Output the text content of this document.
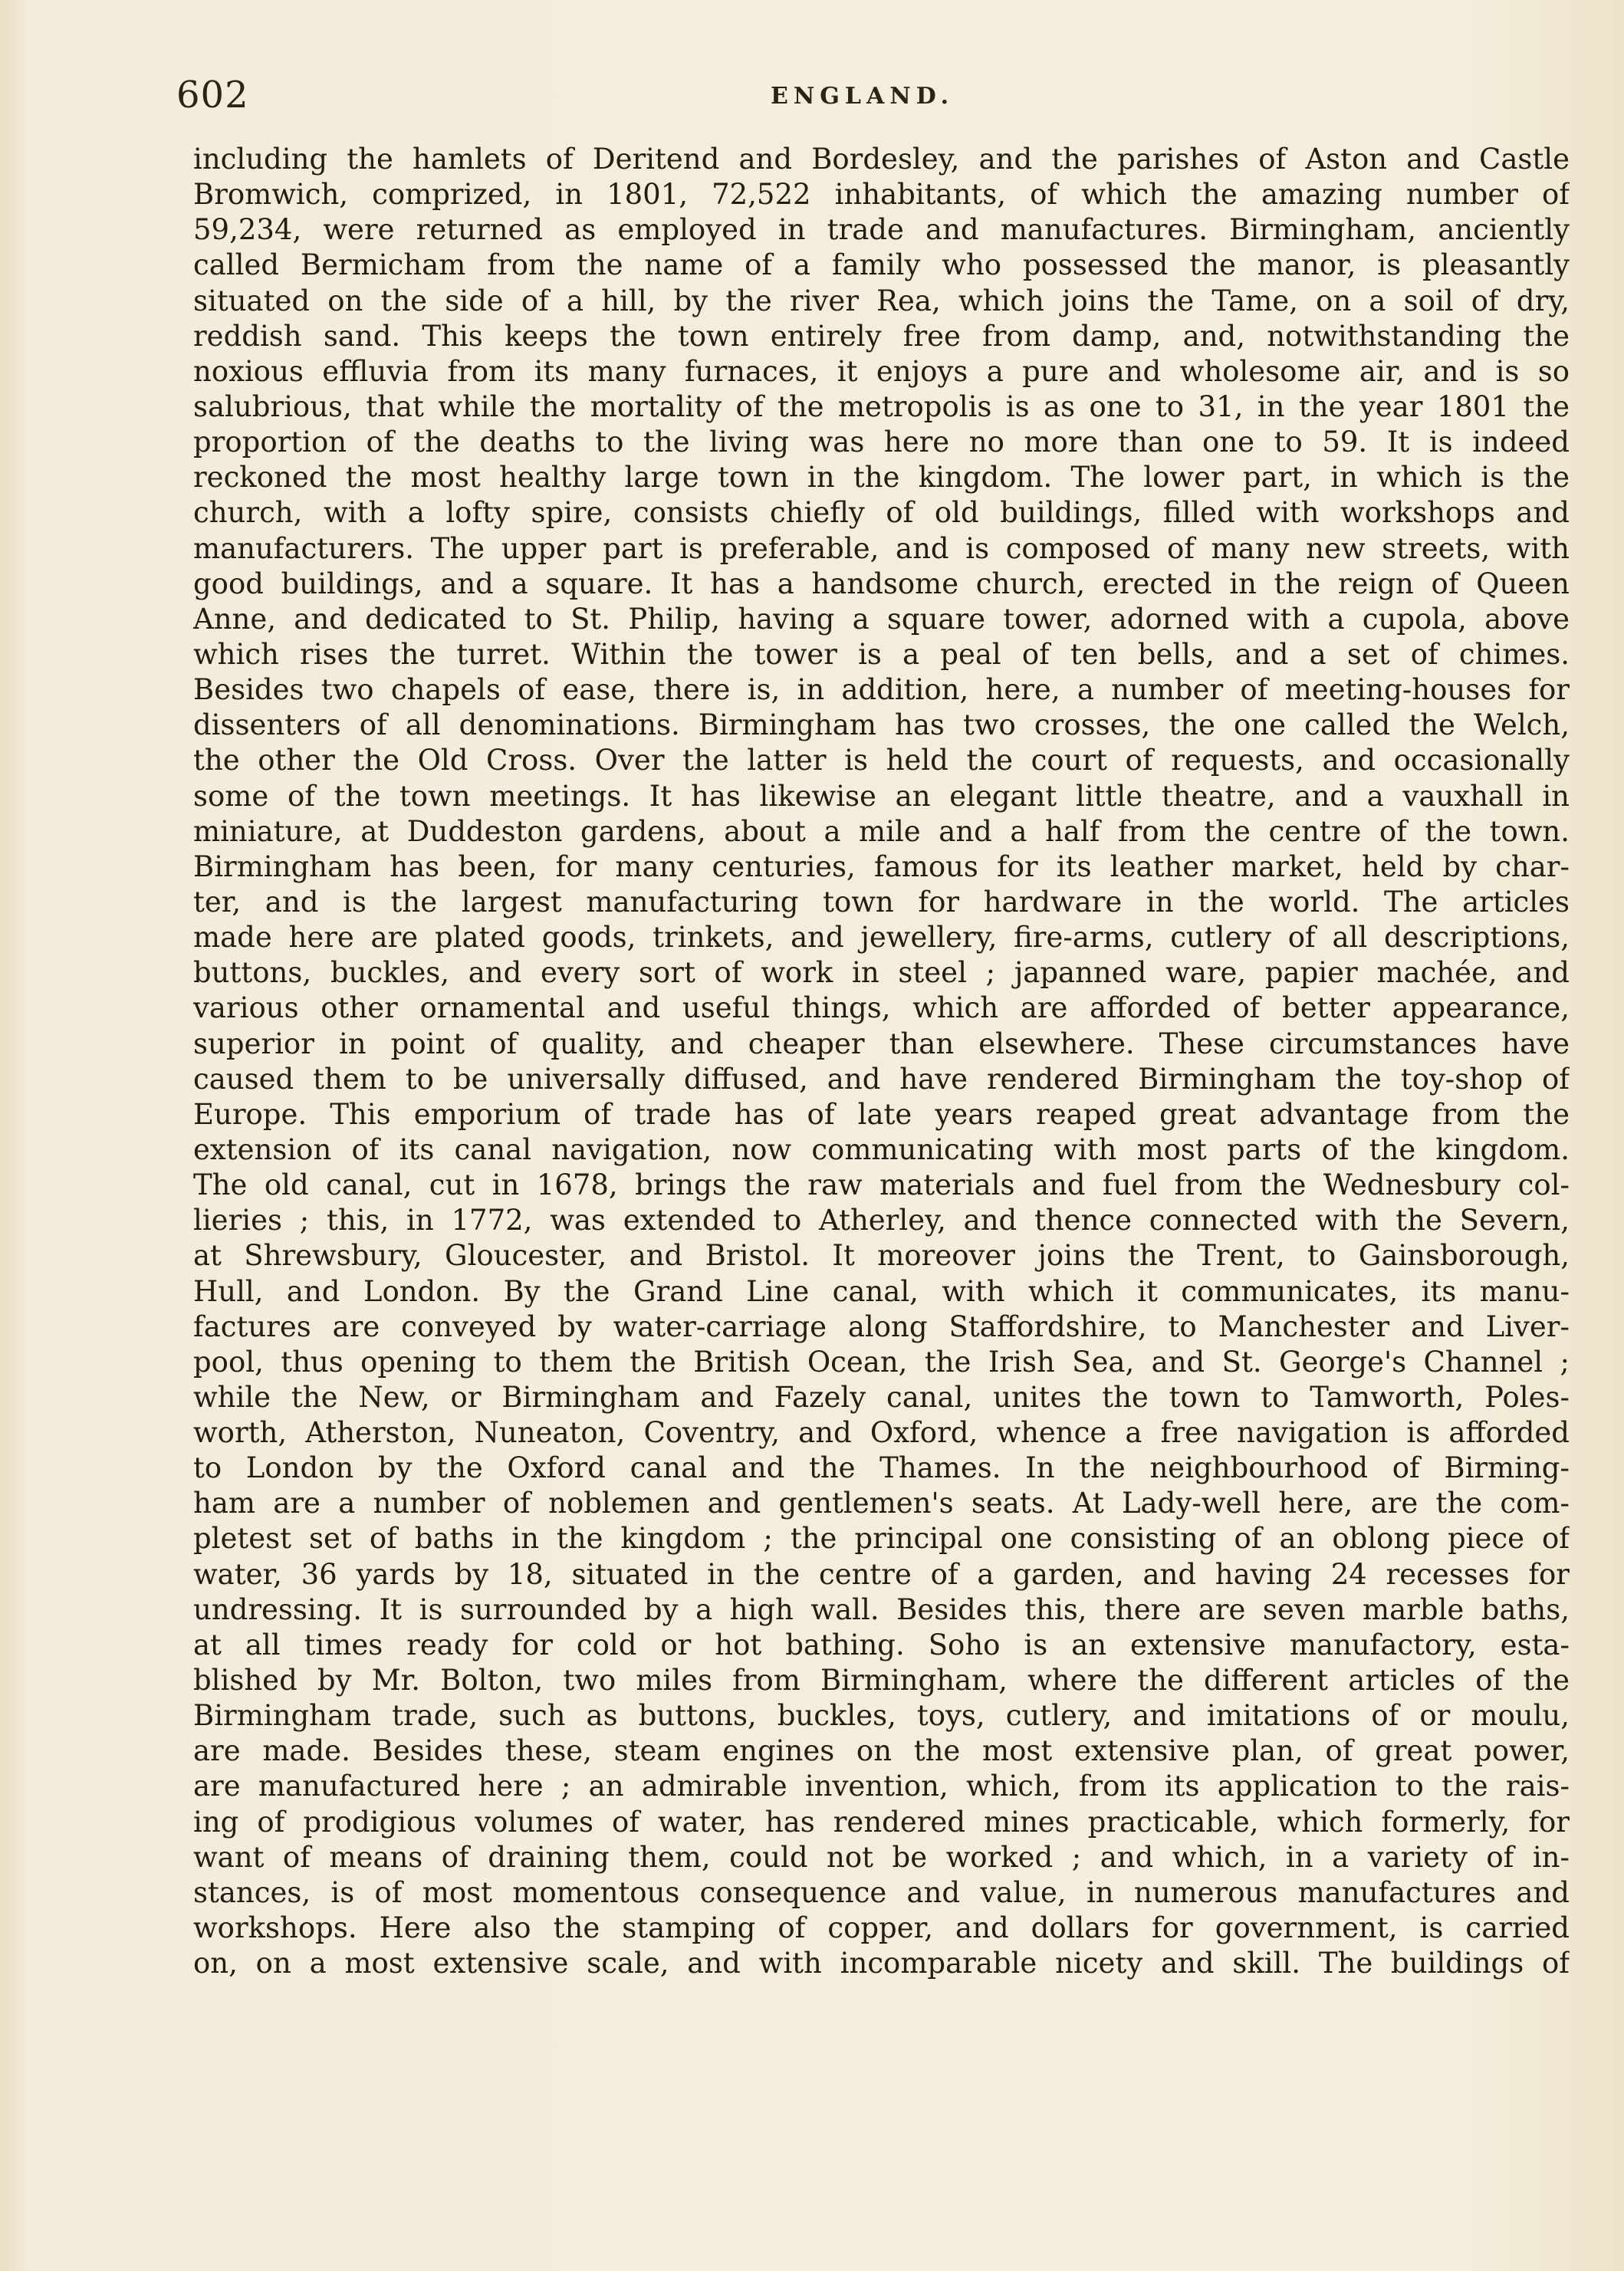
602	ENGLAND.
including the hamlets of Deritend and Bordesley, and the parishes of Aston and Castle
Bromwich, comprized, in 1801, 72,522 inhabitants, of which the amazing number of
59,234, were returned as employed in trade and manufactures. Birmingham, anciently
called Bermicham from the name of a family who possessed the manor, is pleasantly
situated on the side of a hill, by the river Rea, which joins the Tame, on a soil of dry,
reddish sand. This keeps the town entirely free from damp, and, notwithstanding the
noxious effluvia from its many furnaces, it enjoys a pure and wholesome air, and is so
salubrious, that while the mortality of the metropolis is as one to 31, in the year 1801 the
proportion of the deaths to the living was here no more than one to 59. It is indeed
reckoned the most healthy large town in the kingdom. The lower part, in which is the
church, with a lofty spire, consists chiefly of old buildings, filled with workshops and
manufacturers. The upper part is preferable, and is composed of many new streets, with
good buildings, and a square. It has a handsome church, erected in the reign of Queen
Anne, and dedicated to St. Philip, having a square tower, adorned with a cupola, above
which rises the turret. Within the tower is a peal of ten bells, and a set of chimes.
Besides two chapels of ease, there is, in addition, here, a number of meeting-houses for
dissenters of all denominations. Birmingham has two crosses, the one called the Welch,
the other the Old Cross. Over the latter is held the court of requests, and occasionally
some of the town meetings. It has likewise an elegant little theatre, and a vauxhall in
miniature, at Duddeston gardens, about a mile and a half from the centre of the town.
Birmingham has been, for many centuries, famous for its leather market, held by char-
ter, and is the largest manufacturing town for hardware in the world. The articles
made here are plated goods, trinkets, and jewellery, fire-arms, cutlery of all descriptions,
buttons, buckles, and every sort of work in steel ; japanned ware, papier machée, and
various other ornamental and useful things, which are afforded of better appearance,
superior in point of quality, and cheaper than elsewhere. These circumstances have
caused them to be universally diffused, and have rendered Birmingham the toy-shop of
Europe. This emporium of trade has of late years reaped great advantage from the
extension of its canal navigation, now communicating with most parts of the kingdom.
The old canal, cut in 1678, brings the raw materials and fuel from the Wednesbury col-
lieries ; this, in 1772, was extended to Atherley, and thence connected with the Severn,
at Shrewsbury, Gloucester, and Bristol. It moreover joins the Trent, to Gainsborough,
Hull, and London. By the Grand Line canal, with which it communicates, its manu-
factures are conveyed by water-carriage along Staffordshire, to Manchester and Liver-
pool, thus opening to them the British Ocean, the Irish Sea, and St. George's Channel ;
while the New, or Birmingham and Fazely canal, unites the town to Tamworth, Poles-
worth, Atherston, Nuneaton, Coventry, and Oxford, whence a free navigation is afforded
to London by the Oxford canal and the Thames. In the neighbourhood of Birming-
ham are a number of noblemen and gentlemen's seats. At Lady-well here, are the com-
pletest set of baths in the kingdom ; the principal one consisting of an oblong piece of
water, 36 yards by 18, situated in the centre of a garden, and having 24 recesses for
undressing. It is surrounded by a high wall. Besides this, there are seven marble baths,
at all times ready for cold or hot bathing. Soho is an extensive manufactory, esta-
blished by Mr. Bolton, two miles from Birmingham, where the different articles of the
Birmingham trade, such as buttons, buckles, toys, cutlery, and imitations of or moulu,
are made. Besides these, steam engines on the most extensive plan, of great power,
are manufactured here ; an admirable invention, which, from its application to the rais-
ing of prodigious volumes of water, has rendered mines practicable, which formerly, for
want of means of draining them, could not be worked ; and which, in a variety of in-
stances, is of most momentous consequence and value, in numerous manufactures and
workshops. Here also the stamping of copper, and dollars for government, is carried
on, on a most extensive scale, and with incomparable nicety and skill. The buildings of
